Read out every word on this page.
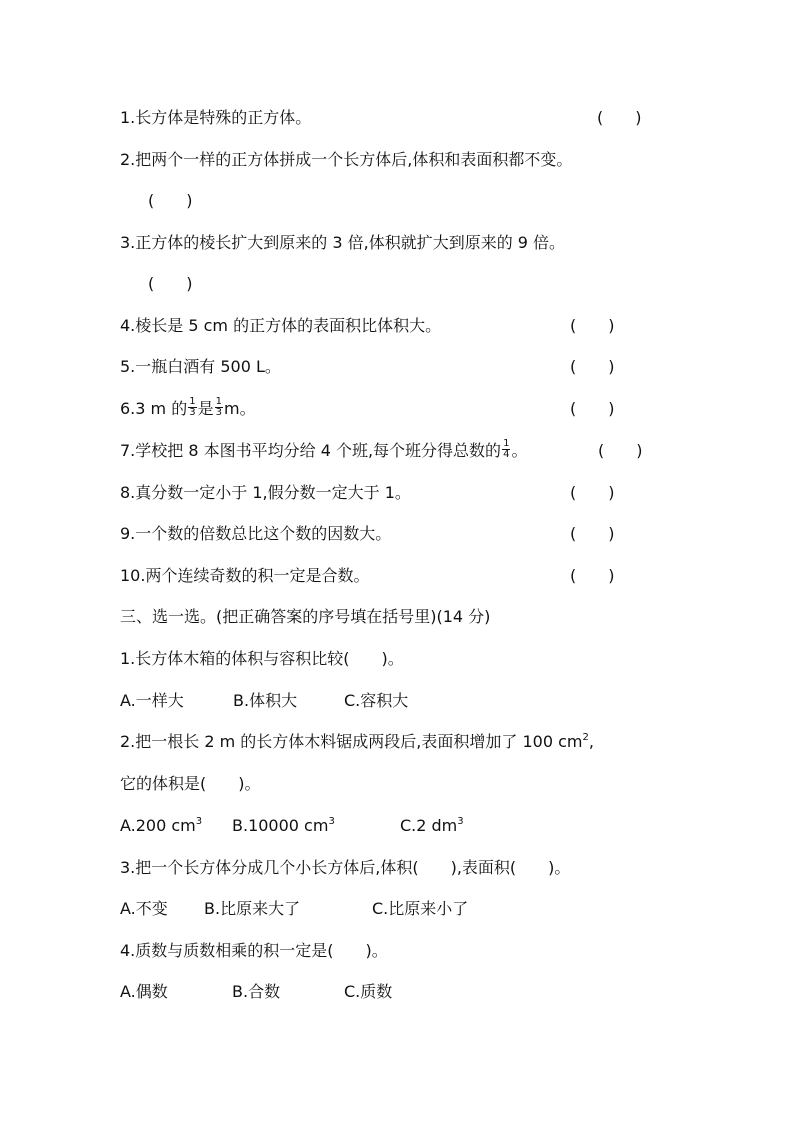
1.长方体是特殊的正方体。	(　　)
2.把两个一样的正方体拼成一个长方体后,体积和表面积都不变。
(　　)
3.正方体的棱长扩大到原来的 3 倍,体积就扩大到原来的 9 倍。
(　　)
4.棱长是 5 cm 的正方体的表面积比体积大。	(　　)
5.一瓶白酒有 500 L。	(　　)
6.3 m 的 $\frac{1}{3}$ 是 $\frac{1}{3}$ m。	(　　)
7.学校把 8 本图书平均分给 4 个班,每个班分得总数的 $\frac{1}{4}$ 。	(　　)
8.真分数一定小于 1,假分数一定大于 1。	(　　)
9.一个数的倍数总比这个数的因数大。	(　　)
10.两个连续奇数的积一定是合数。	(　　)
三、选一选。(把正确答案的序号填在括号里)(14 分)
1.长方体木箱的体积与容积比较(　　)。
A.一样大	B.体积大	C.容积大
2.把一根长 2 m 的长方体木料锯成两段后,表面积增加了 100 $cm^2$,
它的体积是(　　)。
A.200 $cm^3$ B.10000 $cm^3$	C.2 $dm^3$
3.把一个长方体分成几个小长方体后,体积(　　),表面积(　　)。
A.不变 B.比原来大了	C.比原来小了
4.质数与质数相乘的积一定是(　　)。
A.偶数	B.合数	C.质数
